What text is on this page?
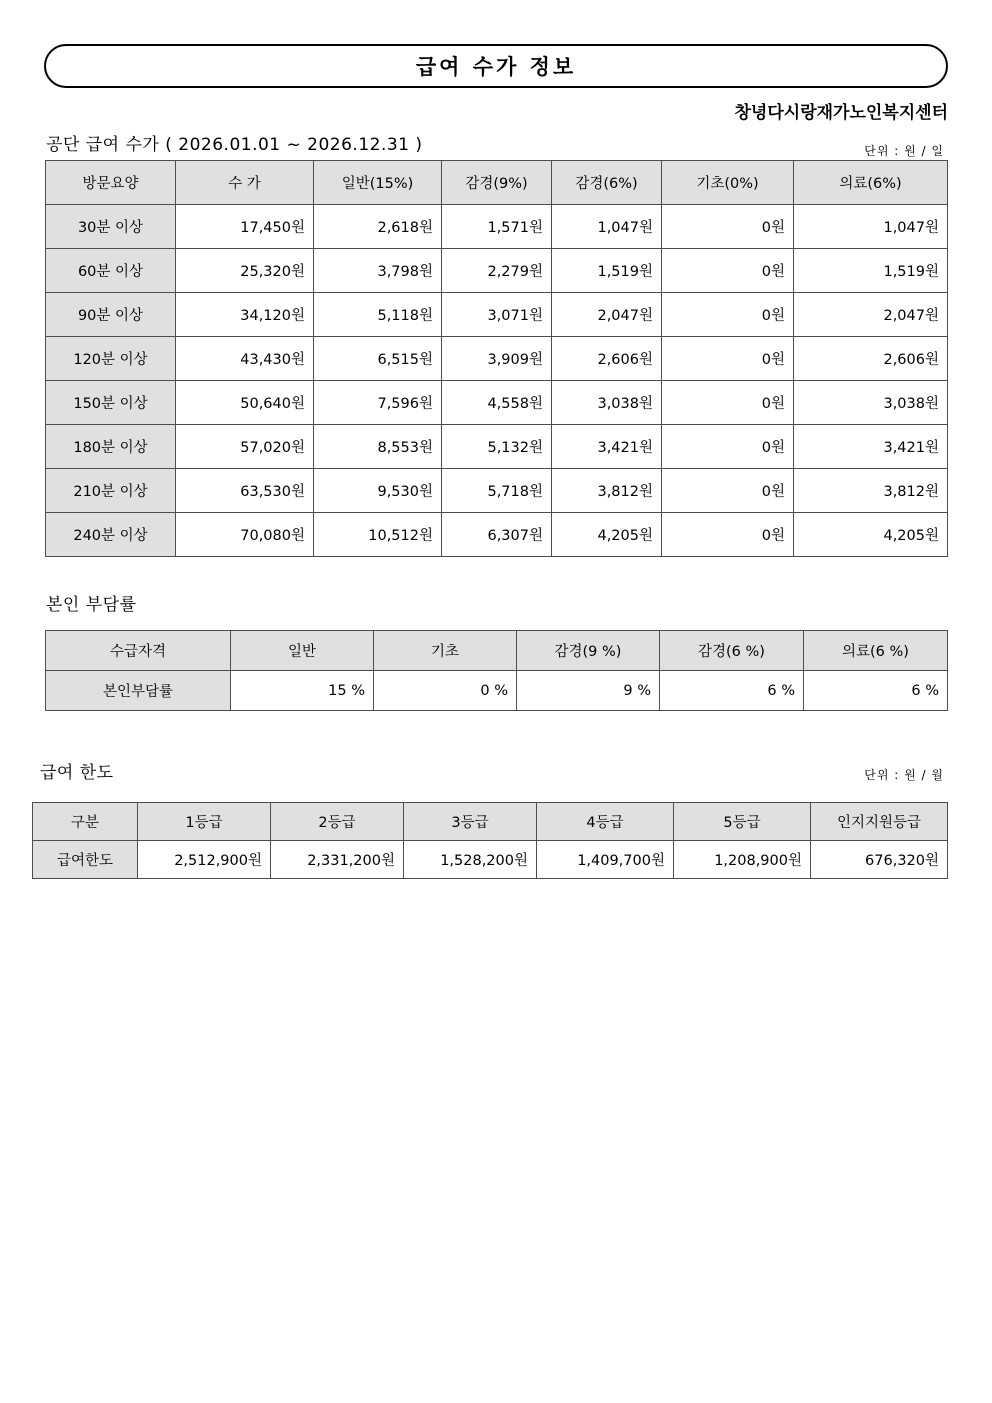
급여 수가 정보
창녕다시랑재가노인복지센터
공단 급여 수가 ( 2026.01.01 ~ 2026.12.31 )	단위 : 원 / 일
방문요양	수 가	일반(15%)	감경(9%)	감경(6%)	기초(0%)	의료(6%)
30분 이상	17,450원	2,618원	1,571원	1,047원	0원	1,047원
60분 이상	25,320원	3,798원	2,279원	1,519원	0원	1,519원
90분 이상	34,120원	5,118원	3,071원	2,047원	0원	2,047원
120분 이상	43,430원	6,515원	3,909원	2,606원	0원	2,606원
150분 이상	50,640원	7,596원	4,558원	3,038원	0원	3,038원
180분 이상	57,020원	8,553원	5,132원	3,421원	0원	3,421원
210분 이상	63,530원	9,530원	5,718원	3,812원	0원	3,812원
240분 이상	70,080원	10,512원	6,307원	4,205원	0원	4,205원
본인 부담률
수급자격	일반	기초	감경(9 %)	감경(6 %)	의료(6 %)
본인부담률	15 %	0 %	9 %	6 %	6 %
급여 한도	단위 : 원 / 월
구분	1등급	2등급	3등급	4등급	5등급	인지지원등급
급여한도	2,512,900원	2,331,200원	1,528,200원	1,409,700원	1,208,900원	676,320원
